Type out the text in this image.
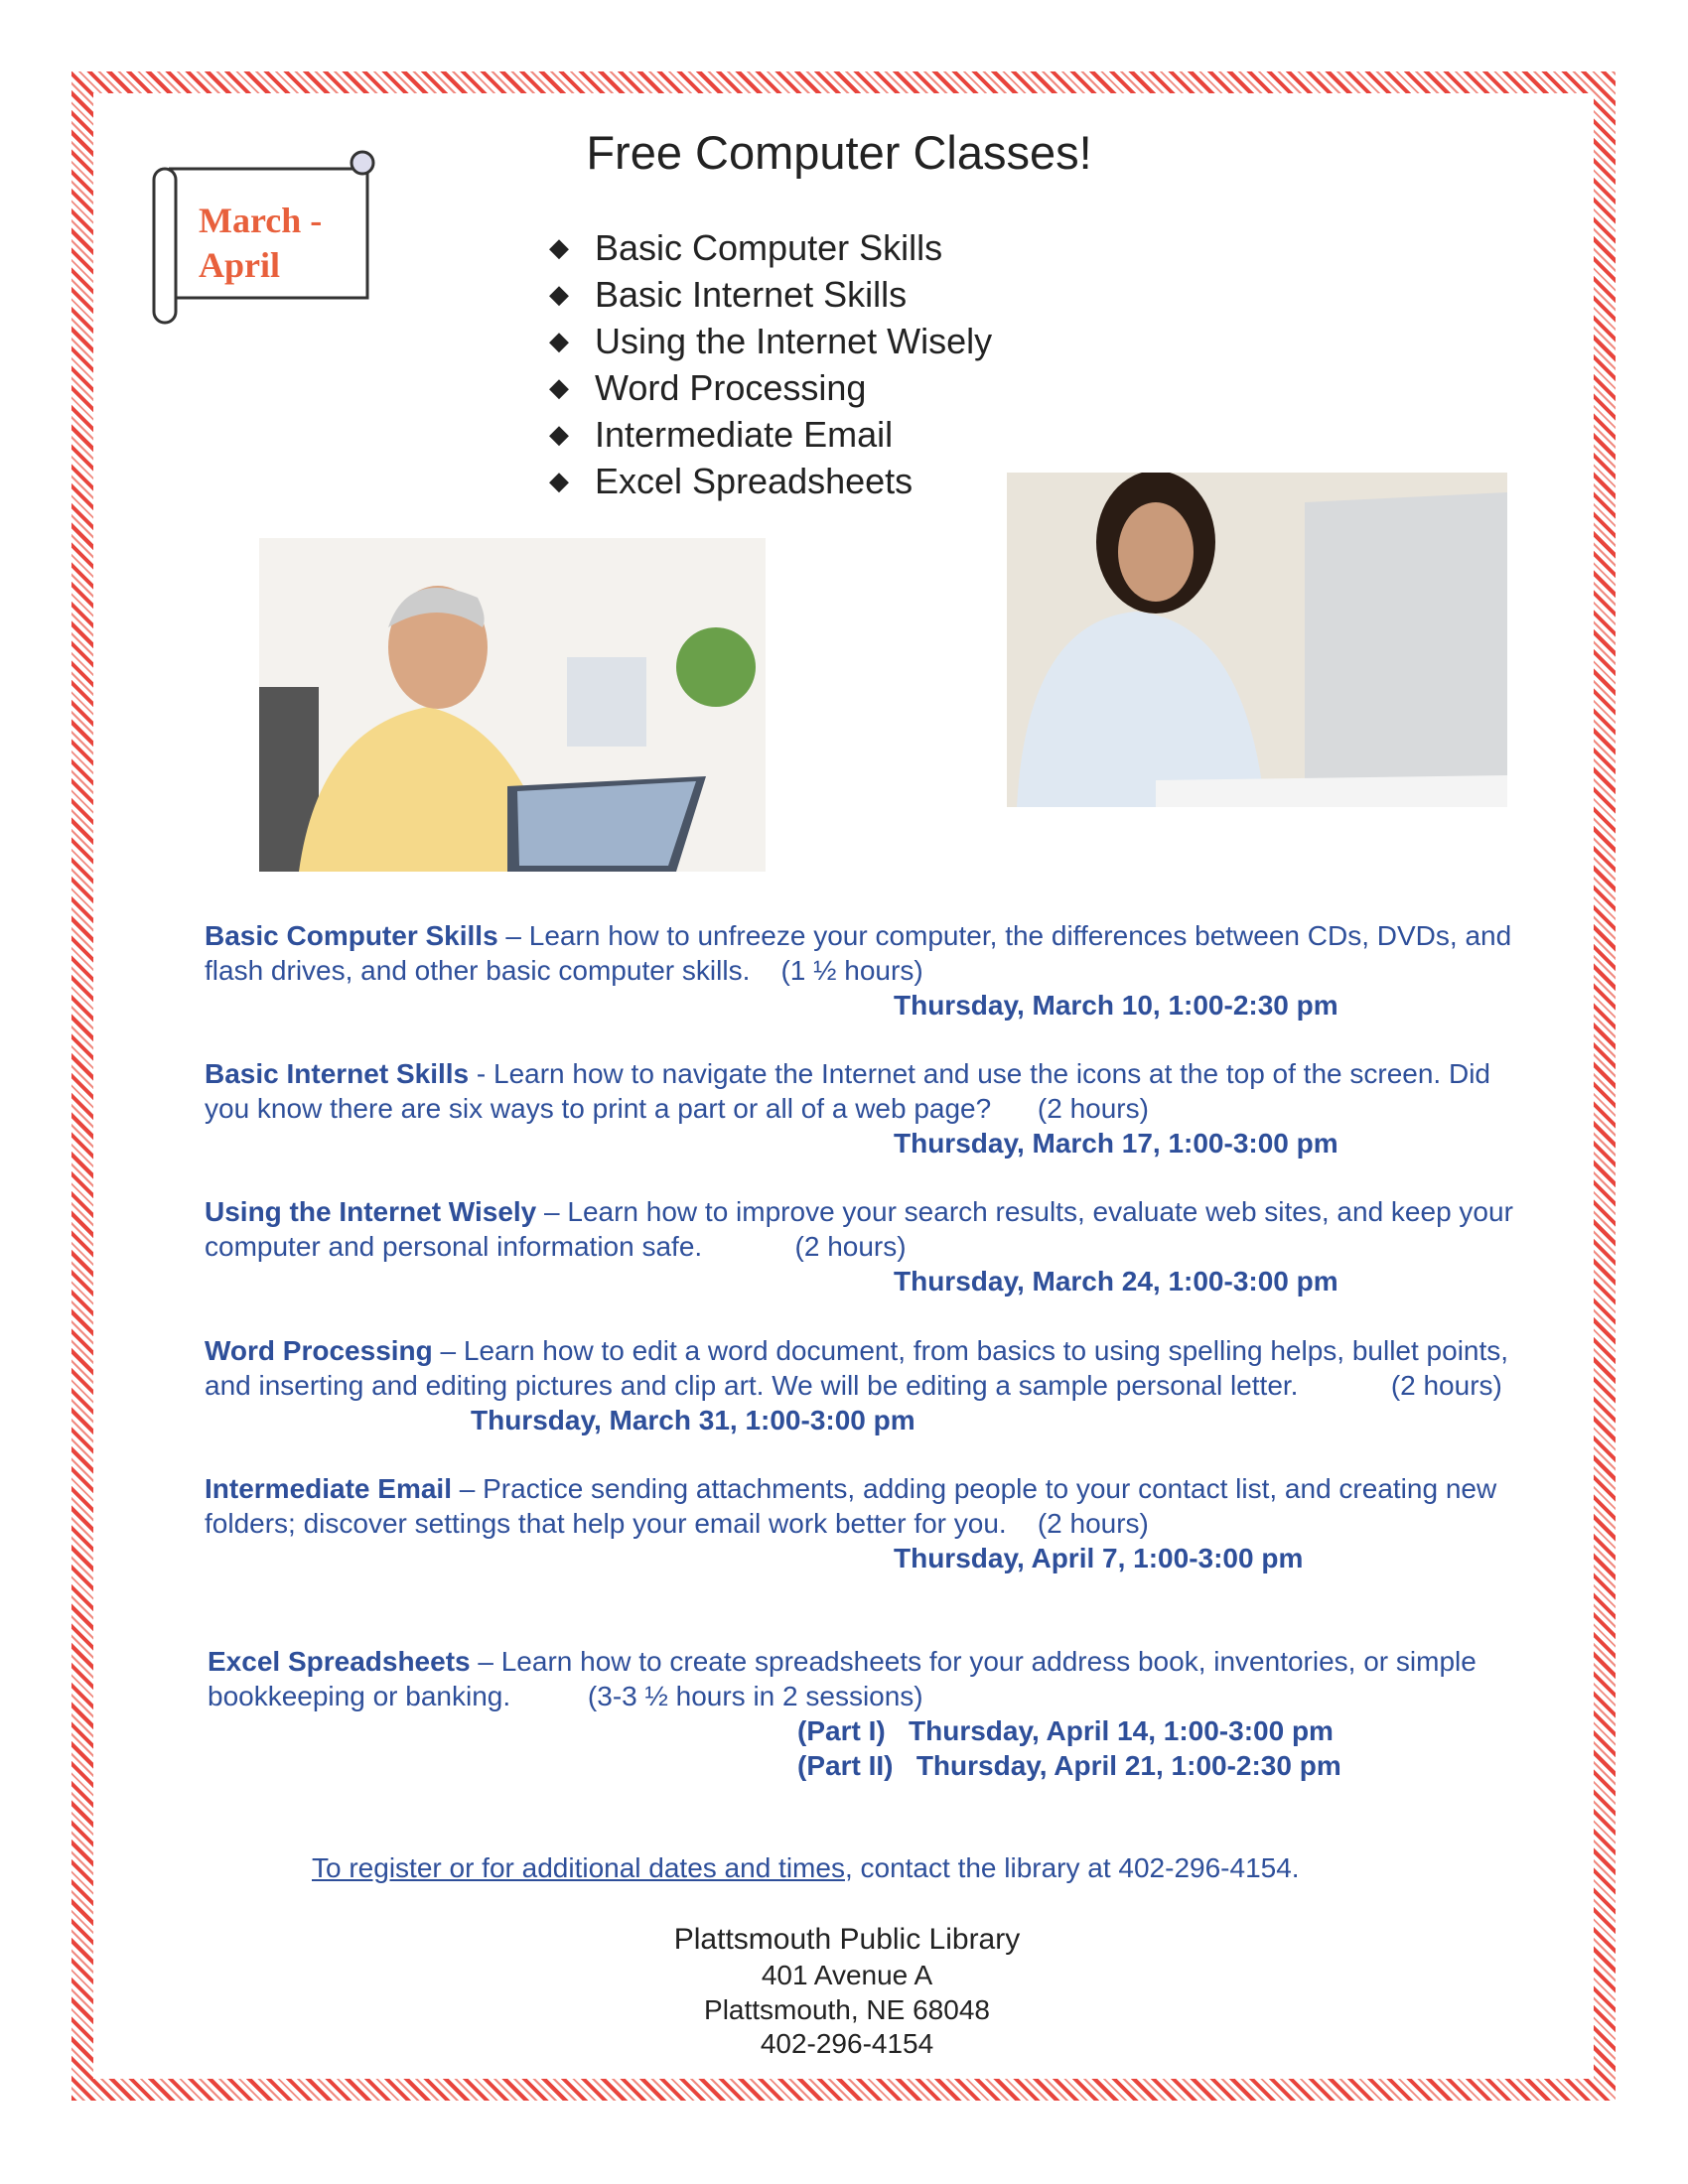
Free Computer Classes!
March -
April	◆ Basic Computer Skills
◆ Basic Internet Skills
◆ Using the Internet Wisely
◆ Word Processing
◆ Intermediate Email
◆ Excel Spreadsheets
Basic Computer Skills – Learn how to unfreeze your computer, the differences between CDs, DVDs, and flash drives, and other basic computer skills. (1 ½ hours)
Thursday, March 10, 1:00-2:30 pm
Basic Internet Skills - Learn how to navigate the Internet and use the icons at the top of the screen. Did you know there are six ways to print a part or all of a web page? (2 hours)
Thursday, March 17, 1:00-3:00 pm
Using the Internet Wisely – Learn how to improve your search results, evaluate web sites, and keep your computer and personal information safe.	(2 hours)
Thursday, March 24, 1:00-3:00 pm
Word Processing – Learn how to edit a word document, from basics to using spelling helps, bullet points, and inserting and editing pictures and clip art. We will be editing a sample personal letter.	(2 hours) Thursday, March 31, 1:00-3:00 pm
Intermediate Email – Practice sending attachments, adding people to your contact list, and creating new folders; discover settings that help your email work better for you. (2 hours)
Thursday, April 7, 1:00-3:00 pm
Excel Spreadsheets – Learn how to create spreadsheets for your address book, inventories, or simple bookkeeping or banking.	(3-3 ½ hours in 2 sessions)
(Part I) Thursday, April 14, 1:00-3:00 pm
(Part II) Thursday, April 21, 1:00-2:30 pm
To register or for additional dates and times, contact the library at 402-296-4154.
Plattsmouth Public Library
401 Avenue A
Plattsmouth, NE 68048
402-296-4154
